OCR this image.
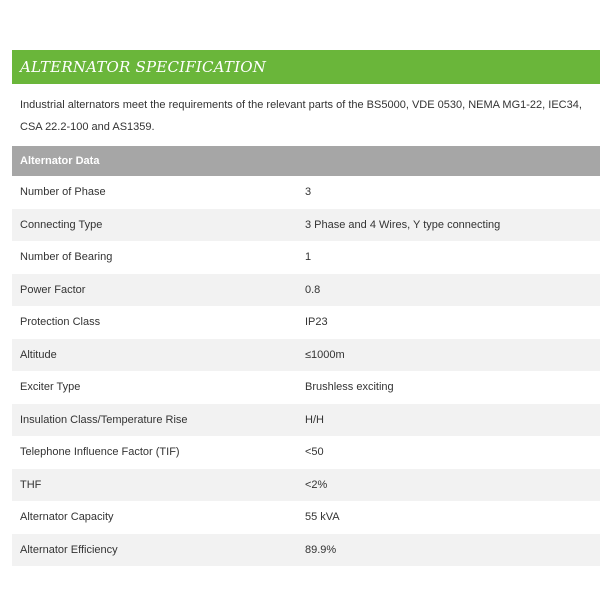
ALTERNATOR SPECIFICATION
Industrial alternators meet the requirements of the relevant parts of the BS5000, VDE 0530, NEMA MG1-22, IEC34, CSA 22.2-100 and AS1359.
Alternator Data
Number of Phase	3
Connecting Type	3 Phase and 4 Wires, Y type connecting
Number of Bearing	1
Power Factor	0.8
Protection Class	IP23
Altitude	≤1000m
Exciter Type	Brushless exciting
Insulation Class/Temperature Rise	H/H
Telephone Influence Factor (TIF)	<50
THF	<2%
Alternator Capacity	55 kVA
Alternator Efficiency	89.9%
